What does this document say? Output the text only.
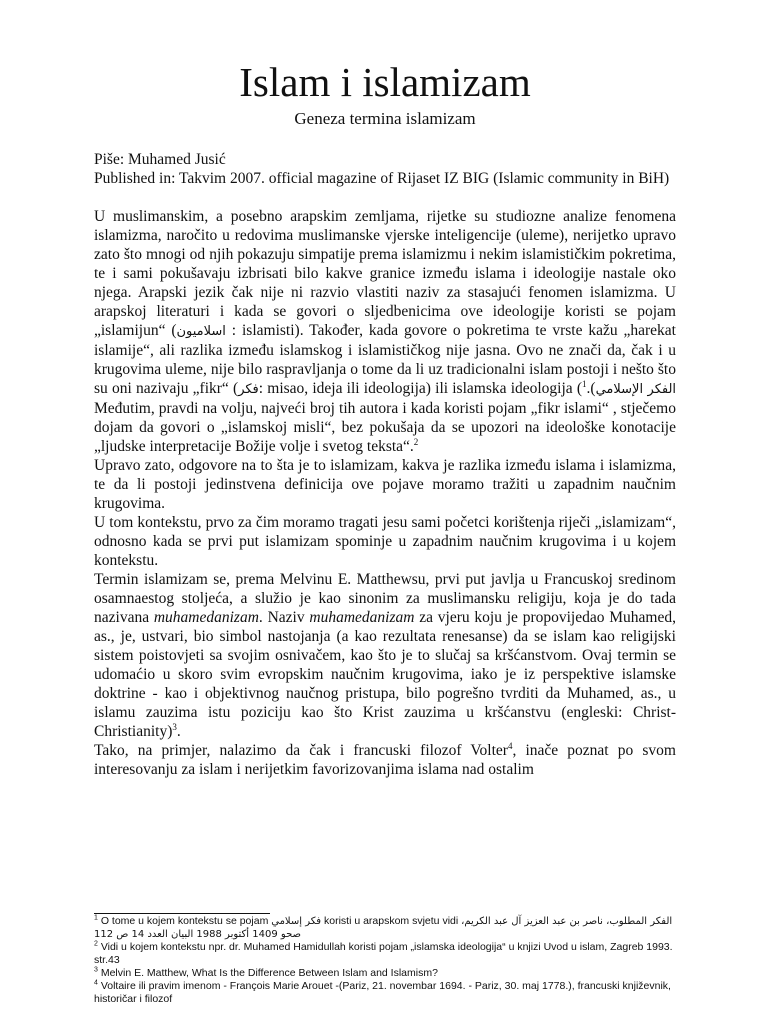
Islam i islamizam
Geneza termina islamizam
Piše: Muhamed Jusić
Published in: Takvim 2007. official magazine of Rijaset IZ BIG (Islamic community in BiH)

U muslimanskim, a posebno arapskim zemljama, rijetke su studiozne analize fenomena islamizma, naročito u redovima muslimanske vjerske inteligencije (uleme), nerijetko upravo zato što mnogi od njih pokazuju simpatije prema islamizmu i nekim islamističkim pokretima, te i sami pokušavaju izbrisati bilo kakve granice između islama i ideologije nastale oko njega. Arapski jezik čak nije ni razvio vlastiti naziv za stasajući fenomen islamizma. U arapskoj literaturi i kada se govori o sljedbenicima ove ideologije koristi se pojam „islamijun“ (اسلاميون : islamisti). Također, kada govore o pokretima te vrste kažu „harekat islamije“, ali razlika između islamskog i islamističkog nije jasna. Ovo ne znači da, čak i u krugovima uleme, nije bilo raspravljanja o tome da li uz tradicionalni islam postoji i nešto što su oni nazivaju „fikr“ (فكر: misao, ideja ili ideologija) ili islamska ideologija ( الفكر الإسلامي).$^1$ Međutim, pravdi na volju, najveći broj tih autora i kada koristi pojam „fikr islami“ , stječemo dojam da govori o „islamskoj misli“, bez pokušaja da se upozori na ideološke konotacije „ljudske interpretacije Božije volje i svetog teksta“.$^2$

Upravo zato, odgovore na to šta je to islamizam, kakva je razlika između islama i islamizma, te da li postoji jedinstvena definicija ove pojave moramo tražiti u zapadnim naučnim krugovima.

U tom kontekstu, prvo za čim moramo tragati jesu sami početci korištenja riječi „islamizam“, odnosno kada se prvi put islamizam spominje u zapadnim naučnim krugovima i u kojem kontekstu.

Termin islamizam se, prema Melvinu E. Matthewsu, prvi put javlja u Francuskoj sredinom osamnaestog stoljeća, a služio je kao sinonim za muslimansku religiju, koja je do tada nazivana muhamedanizam. Naziv muhamedanizam za vjeru koju je propovijedao Muhamed, as., je, ustvari, bio simbol nastojanja (a kao rezultata renesanse) da se islam kao religijski sistem poistovjeti sa svojim osnivačem, kao što je to slučaj sa kršćanstvom. Ovaj termin se udomaćio u skoro svim evropskim naučnim krugovima, iako je iz perspektive islamske doktrine - kao i objektivnog naučnog pristupa, bilo pogrešno tvrditi da Muhamed, as., u islamu zauzima istu poziciju kao što Krist zauzima u kršćanstvu (engleski: Christ- Christianity)$^3$.

Tako, na primjer, nalazimo da čak i francuski filozof Volter$^4$, inače poznat po svom interesovanju za islam i nerijetkim favorizovanjima islama nad ostalim

$^1$ O tome u kojem kontekstu se pojam فكر إسلامي koristi u arapskom svjetu vidi الفكر المطلوب، ناصر بن عبد العزيز آل عبد الكريم، صحو 1409 أكتوبر 1988 البيان العدد 14 ص 112
$^2$ Vidi u kojem kontekstu npr. dr. Muhamed Hamidullah koristi pojam „islamska ideologija“ u knjizi Uvod u islam, Zagreb 1993. str.43
$^3$ Melvin E. Matthew, What Is the Difference Between Islam and Islamism?
$^4$ Voltaire ili pravim imenom - François Marie Arouet -(Pariz, 21. novembar 1694. - Pariz, 30. maj 1778.), francuski književnik, historičar i filozof
